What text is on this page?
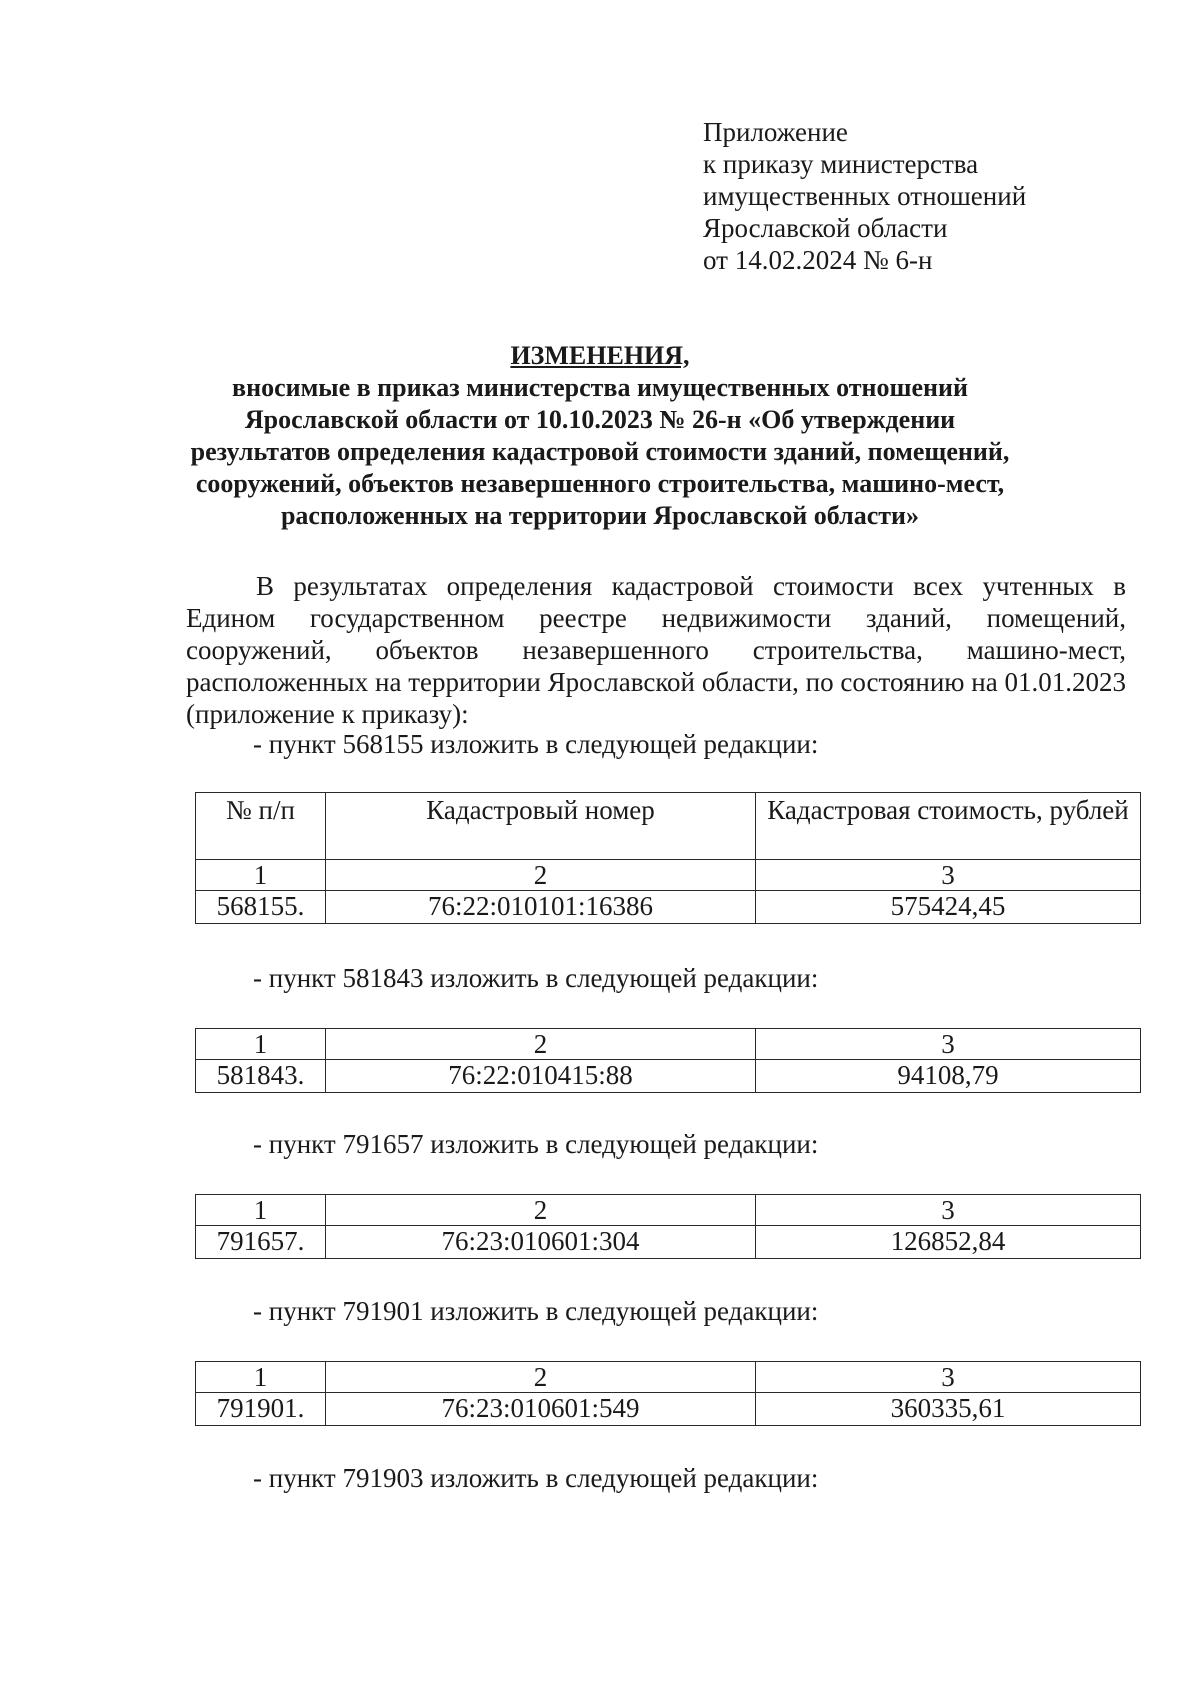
Приложение
к приказу министерства
имущественных отношений
Ярославской области
от 14.02.2024 № 6-н
ИЗМЕНЕНИЯ,
вносимые в приказ министерства имущественных отношений
Ярославской области от 10.10.2023 № 26-н «Об утверждении
результатов определения кадастровой стоимости зданий, помещений,
сооружений, объектов незавершенного строительства, машино-мест,
расположенных на территории Ярославской области»

В результатах определения кадастровой стоимости всех учтенных в Едином государственном реестре недвижимости зданий, помещений, сооружений, объектов незавершенного строительства, машино-мест, расположенных на территории Ярославской области, по состоянию на 01.01.2023 (приложение к приказу):

- пункт 568155 изложить в следующей редакции:
№ п/п	Кадастровый номер	Кадастровая стоимость, рублей
1	2	3
568155.	76:22:010101:16386	575424,45
- пункт 581843 изложить в следующей редакции:
1	2	3
581843.	76:22:010415:88	94108,79
- пункт 791657 изложить в следующей редакции:
1	2	3
791657.	76:23:010601:304	126852,84
- пункт 791901 изложить в следующей редакции:
1	2	3
791901.	76:23:010601:549	360335,61
- пункт 791903 изложить в следующей редакции:
